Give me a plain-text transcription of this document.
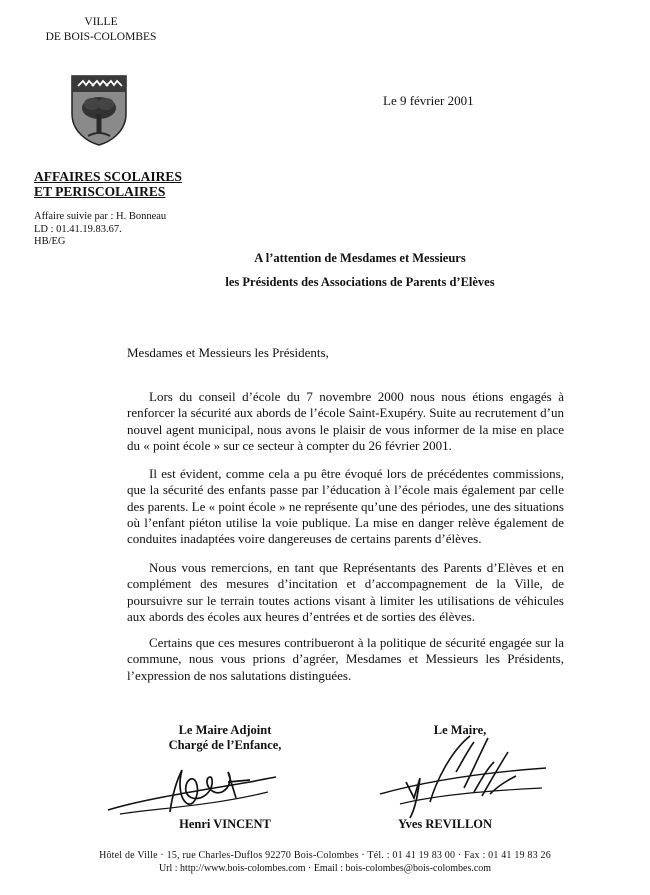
VILLE
DE BOIS-COLOMBES
Le 9 février 2001
AFFAIRES SCOLAIRES
ET PERISCOLAIRES
Affaire suivie par : H. Bonneau
LD : 01.41.19.83.67.
HB/EG
A l’attention de Mesdames et Messieurs
les Présidents des Associations de Parents d’Elèves
Mesdames et Messieurs les Présidents,
Lors du conseil d’école du 7 novembre 2000 nous nous étions engagés à renforcer la sécurité aux abords de l’école Saint-Exupéry. Suite au recrutement d’un nouvel agent municipal, nous avons le plaisir de vous informer de la mise en place du « point école » sur ce secteur à compter du 26 février 2001.
Il est évident, comme cela a pu être évoqué lors de précédentes commissions, que la sécurité des enfants passe par l’éducation à l’école mais également par celle des parents. Le « point école » ne représente qu’une des périodes, une des situations où l’enfant piéton utilise la voie publique. La mise en danger relève également de conduites inadaptées voire dangereuses de certains parents d’élèves.
Nous vous remercions, en tant que Représentants des Parents d’Elèves et en complément des mesures d’incitation et d’accompagnement de la Ville, de poursuivre sur le terrain toutes actions visant à limiter les utilisations de véhicules aux abords des écoles aux heures d’entrées et de sorties des élèves.
Certains que ces mesures contribueront à la politique de sécurité engagée sur la commune, nous vous prions d’agréer, Mesdames et Messieurs les Présidents, l’expression de nos salutations distinguées.
Le Maire Adjoint
Chargé de l’Enfance,
Le Maire,
Henri VINCENT	Yves REVILLON
Hôtel de Ville · 15, rue Charles-Duflos 92270 Bois-Colombes · Tél. : 01 41 19 83 00 · Fax : 01 41 19 83 26
Url : http://www.bois-colombes.com · Email : bois-colombes@bois-colombes.com
